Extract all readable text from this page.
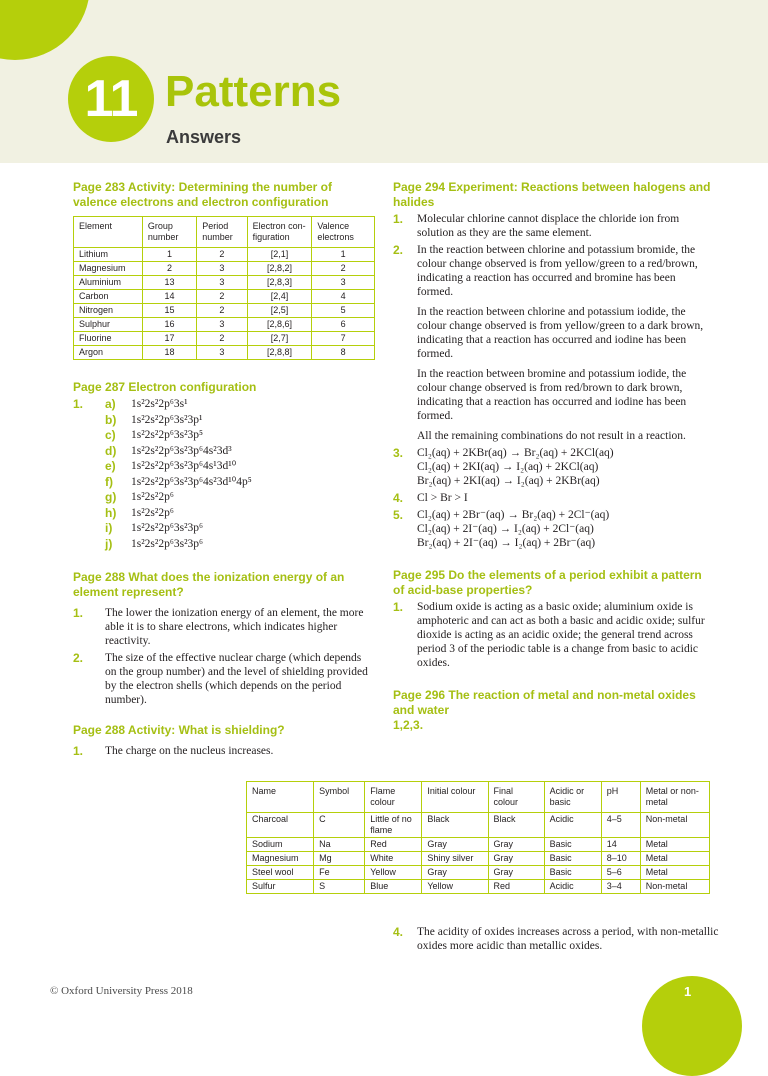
11 Patterns
Answers
Page 283 Activity: Determining the number of valence electrons and electron configuration
Element	Group number	Period number	Electron con-figuration	Valence electrons
Lithium	1	2	[2,1]	1
Magnesium	2	3	[2,8,2]	2
Aluminium	13	3	[2,8,3]	3
Carbon	14	2	[2,4]	4
Nitrogen	15	2	[2,5]	5
Sulphur	16	3	[2,8,6]	6
Fluorine	17	2	[2,7]	7
Argon	18	3	[2,8,8]	8
Page 287 Electron configuration
1.	a)	1s²2s²2p⁶3s¹
b)	1s²2s²2p⁶3s²3p¹
c)	1s²2s²2p⁶3s²3p⁵
d)	1s²2s²2p⁶3s²3p⁶4s²3d³
e)	1s²2s²2p⁶3s²3p⁶4s¹3d¹⁰
f)	1s²2s²2p⁶3s²3p⁶4s²3d¹⁰4p⁵
g)	1s²2s²2p⁶
h)	1s²2s²2p⁶
i)	1s²2s²2p⁶3s²3p⁶
j)	1s²2s²2p⁶3s²3p⁶
Page 288 What does the ionization energy of an element represent?
1.	The lower the ionization energy of an element, the more able it is to share electrons, which indicates higher reactivity.
2.	The size of the effective nuclear charge (which depends on the group number) and the level of shielding provided by the electron shells (which depends on the period number).
Page 288 Activity: What is shielding?
1.	The charge on the nucleus increases.
Page 294 Experiment: Reactions between halogens and halides
1.	Molecular chlorine cannot displace the chloride ion from solution as they are the same element.
2.	In the reaction between chlorine and potassium bromide, the colour change observed is from yellow/green to a red/brown, indicating a reaction has occurred and bromine has been formed.

In the reaction between chlorine and potassium iodide, the colour change observed is from yellow/green to a dark brown, indicating that a reaction has occurred and iodine has been formed.

In the reaction between bromine and potassium iodide, the colour change observed is from red/brown to dark brown, indicating that a reaction has occurred and iodine has been formed.

All the remaining combinations do not result in a reaction.

3.	Cl₂(aq) + 2KBr(aq) → Br₂(aq) + 2KCl(aq)
Cl₂(aq) + 2KI(aq) → I₂(aq) + 2KCl(aq)
Br₂(aq) + 2KI(aq) → I₂(aq) + 2KBr(aq)
4.	Cl > Br > I
5.	Cl₂(aq) + 2Br⁻(aq) → Br₂(aq) + 2Cl⁻(aq)
Cl₂(aq) + 2I⁻(aq) → I₂(aq) + 2Cl⁻(aq)
Br₂(aq) + 2I⁻(aq) → I₂(aq) + 2Br⁻(aq)
Page 295 Do the elements of a period exhibit a pattern of acid-base properties?
1.	Sodium oxide is acting as a basic oxide; aluminium oxide is amphoteric and can act as both a basic and acidic oxide; sulfur dioxide is acting as an acidic oxide; the general trend across period 3 of the periodic table is a change from basic to acidic oxides.
Page 296 The reaction of metal and non-metal oxides and water
1,2,3.
Name	Symbol	Flame colour	Initial colour	Final colour	Acidic or basic	pH	Metal or non-metal
Charcoal	C	Little of no flame	Black	Black	Acidic	4–5	Non-metal
Sodium	Na	Red	Gray	Gray	Basic	14	Metal
Magnesium	Mg	White	Shiny silver	Gray	Basic	8–10	Metal
Steel wool	Fe	Yellow	Gray	Gray	Basic	5–6	Metal
Sulfur	S	Blue	Yellow	Red	Acidic	3–4	Non-metal
4.	The acidity of oxides increases across a period, with non-metallic oxides more acidic than metallic oxides.
© Oxford University Press 2018	1
